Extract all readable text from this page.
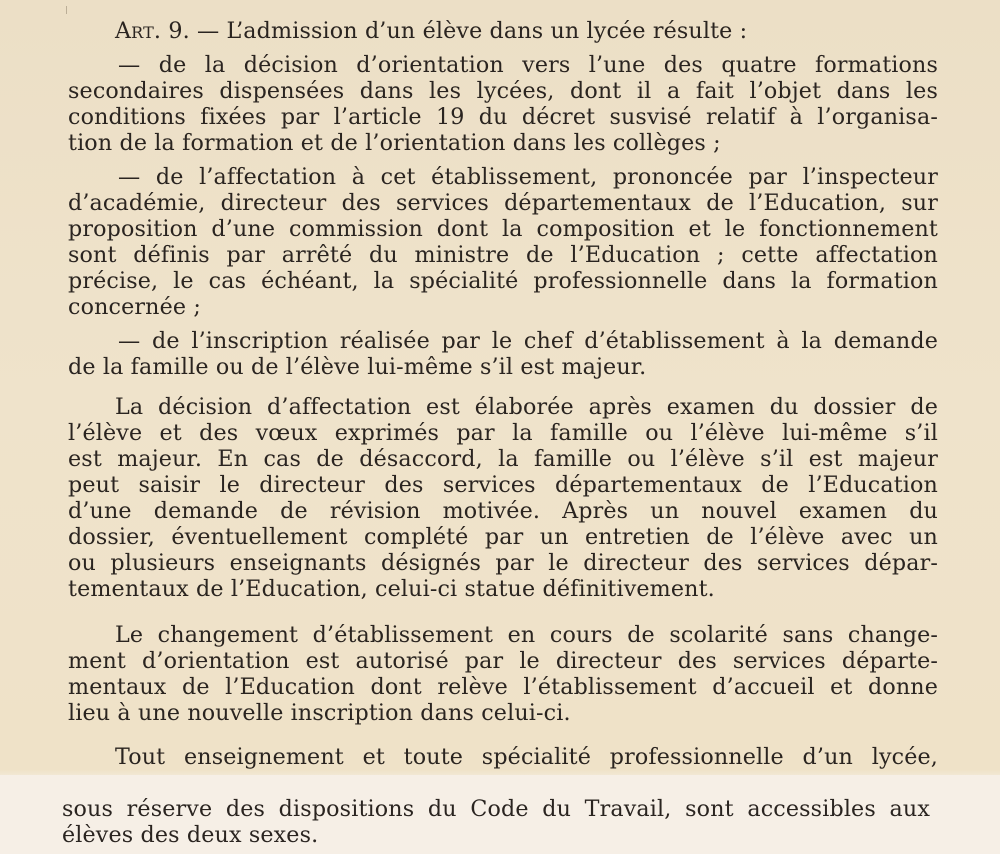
Art. 9. — L’admission d’un élève dans un lycée résulte :
— de la décision d’orientation vers l’une des quatre formations
secondaires dispensées dans les lycées, dont il a fait l’objet dans les
conditions fixées par l’article 19 du décret susvisé relatif à l’organisa-
tion de la formation et de l’orientation dans les collèges ;
— de l’affectation à cet établissement, prononcée par l’inspecteur
d’académie, directeur des services départementaux de l’Education, sur
proposition d’une commission dont la composition et le fonctionnement
sont définis par arrêté du ministre de l’Education ; cette affectation
précise, le cas échéant, la spécialité professionnelle dans la formation
concernée ;
— de l’inscription réalisée par le chef d’établissement à la demande
de la famille ou de l’élève lui-même s’il est majeur.
La décision d’affectation est élaborée après examen du dossier de
l’élève et des vœux exprimés par la famille ou l’élève lui-même s’il
est majeur. En cas de désaccord, la famille ou l’élève s’il est majeur
peut saisir le directeur des services départementaux de l’Education
d’une demande de révision motivée. Après un nouvel examen du
dossier, éventuellement complété par un entretien de l’élève avec un
ou plusieurs enseignants désignés par le directeur des services dépar-
tementaux de l’Education, celui-ci statue définitivement.
Le changement d’établissement en cours de scolarité sans change-
ment d’orientation est autorisé par le directeur des services départe-
mentaux de l’Education dont relève l’établissement d’accueil et donne
lieu à une nouvelle inscription dans celui-ci.
Tout enseignement et toute spécialité professionnelle d’un lycée,
sous réserve des dispositions du Code du Travail, sont accessibles aux
élèves des deux sexes.
